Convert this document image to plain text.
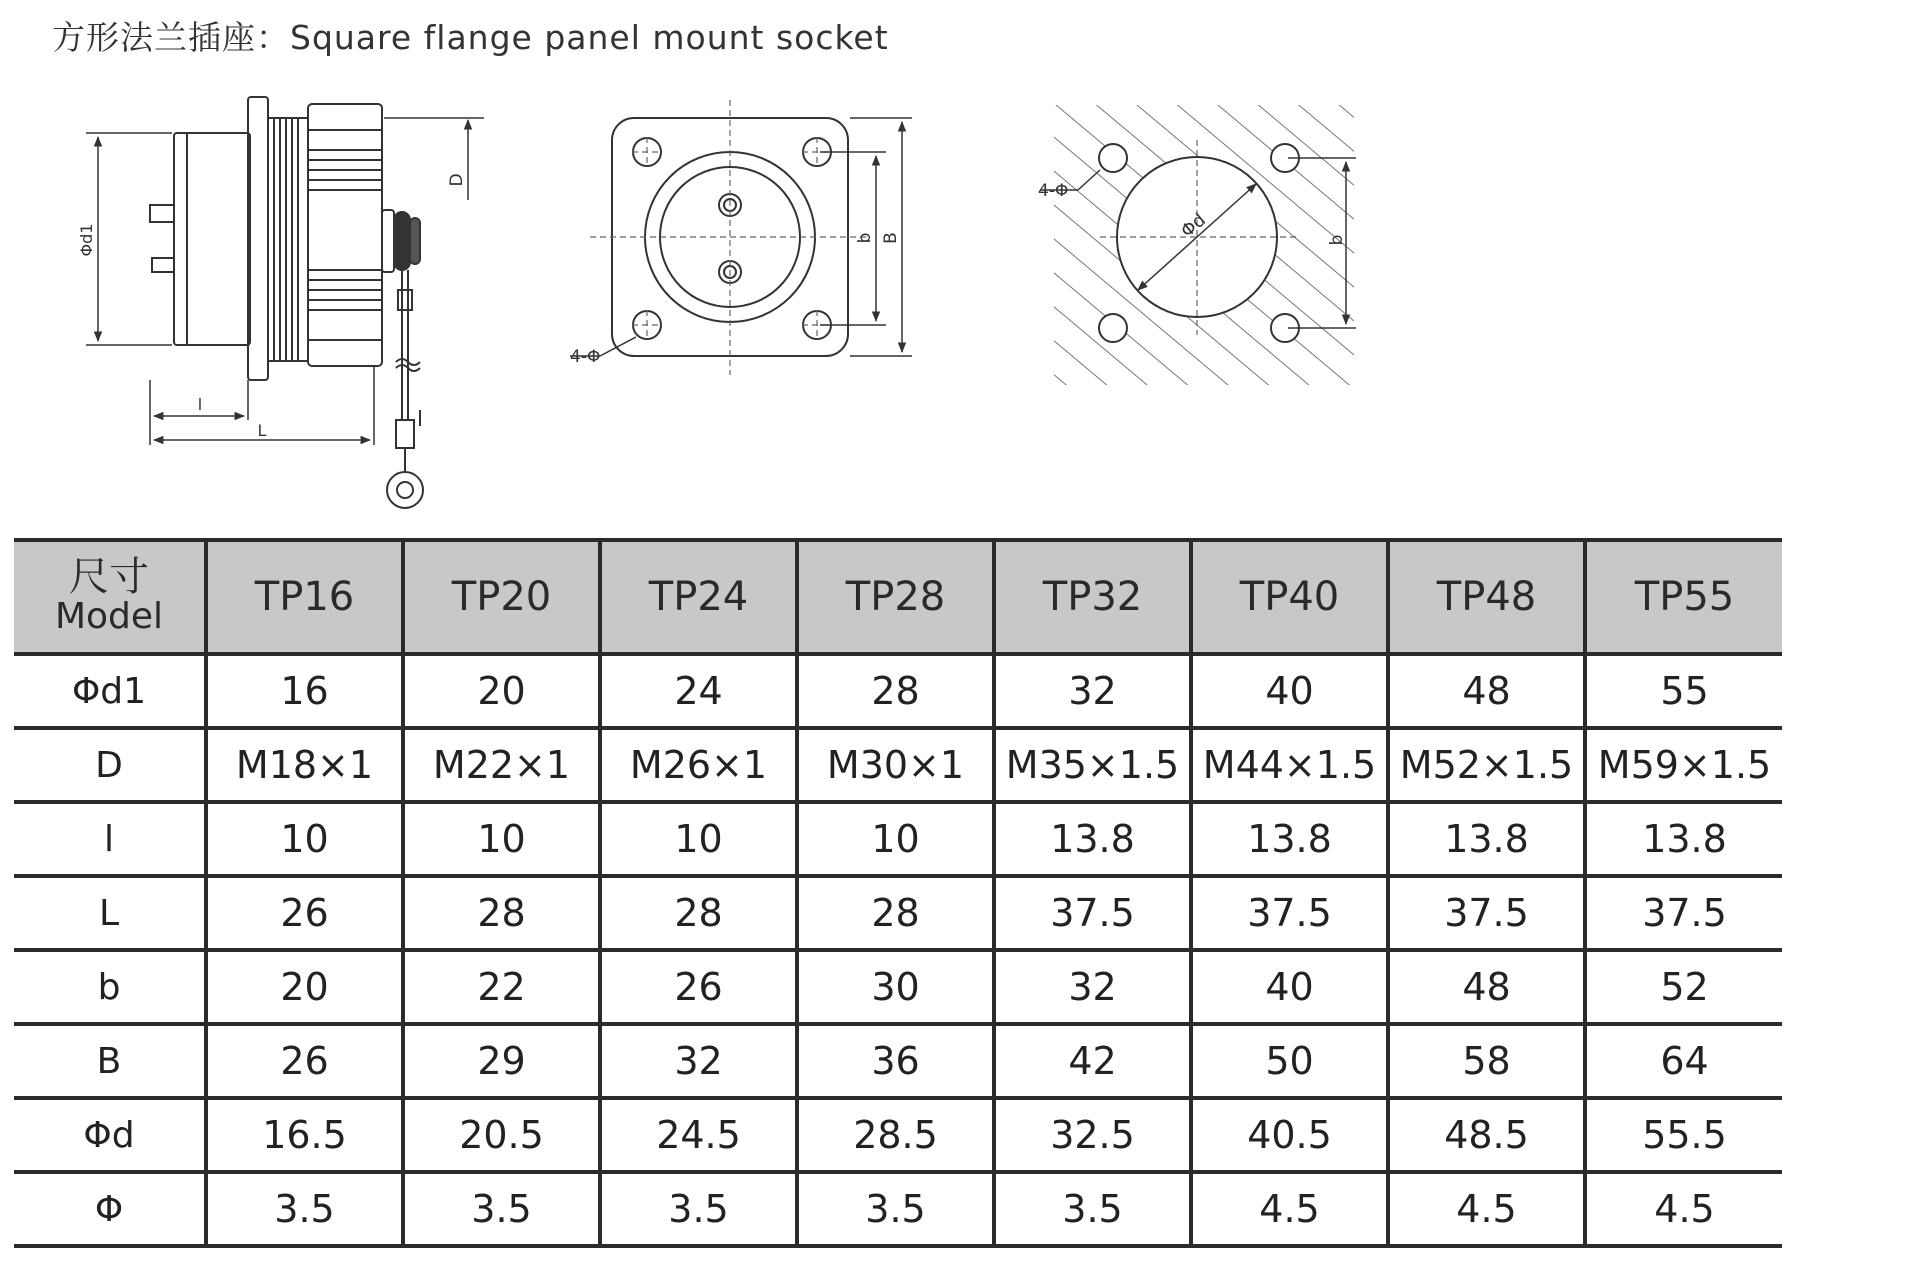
方形法兰插座：Square flange panel mount socket
Φd1
D
l
L
b B
4-Φ
Φd	b
4-Φ
尺寸
Model	TP16	TP20	TP24	TP28	TP32	TP40	TP48	TP55
Φd1	16	20	24	28	32	40	48	55
D	M18×1	M22×1	M26×1	M30×1	M35×1.5	M44×1.5	M52×1.5	M59×1.5
l	10	10	10	10	13.8	13.8	13.8	13.8
L	26	28	28	28	37.5	37.5	37.5	37.5
b	20	22	26	30	32	40	48	52
B	26	29	32	36	42	50	58	64
Φd	16.5	20.5	24.5	28.5	32.5	40.5	48.5	55.5
Φ	3.5	3.5	3.5	3.5	3.5	4.5	4.5	4.5
